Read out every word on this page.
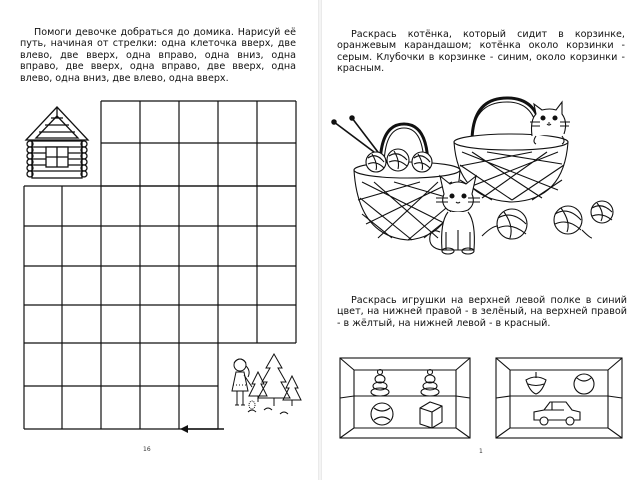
Помоги девочке добраться до домика. Нарисуй её путь, начиная от стрелки: одна клеточка вверх, две влево, две вверх, одна вправо, одна вниз, одна вправо, две вверх, одна вправо, две вверх, одна влево, одна вниз, две влево, одна вверх.

16

Раскрась котёнка, который сидит в корзинке, оранжевым карандашом; котёнка около корзинки - серым. Клубочки в корзинке - синим, около корзинки - красным.

Раскрась игрушки на верхней левой полке в синий цвет, на нижней правой - в зелёный, на верхней правой - в жёлтый, на нижней левой - в красный.

1
